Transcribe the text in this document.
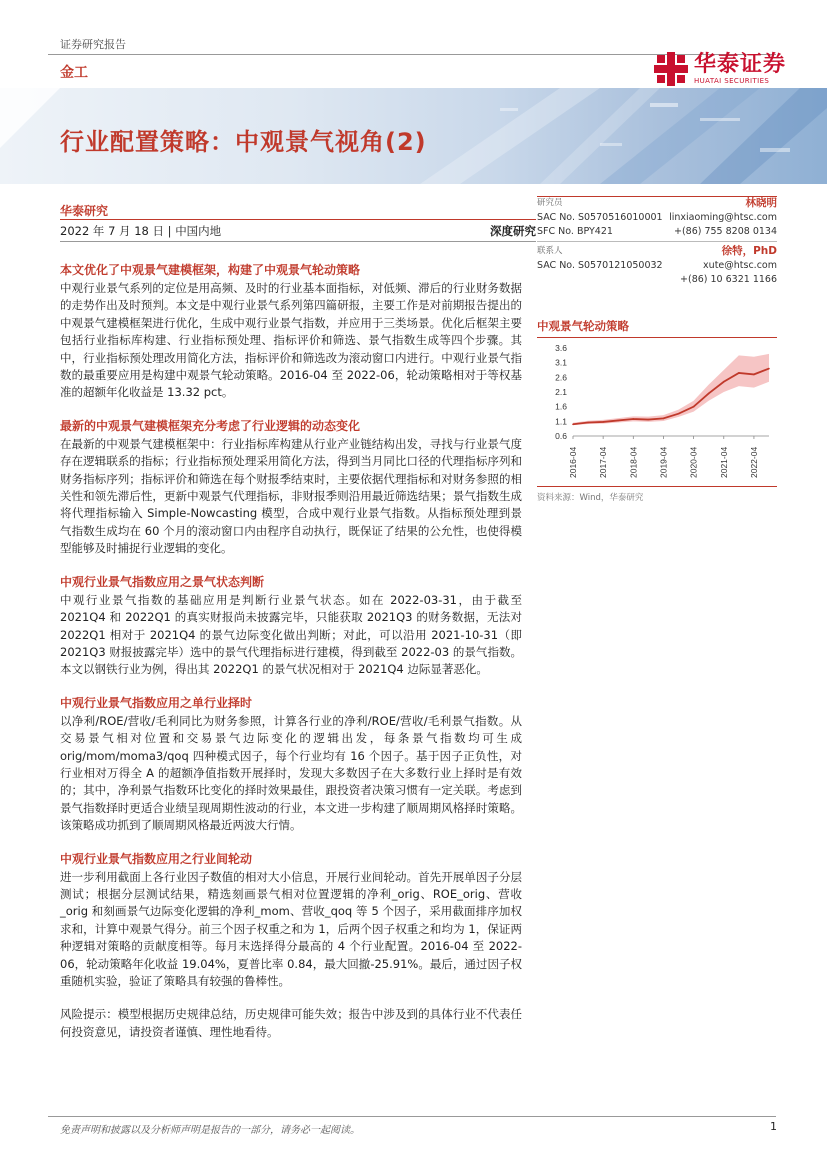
证券研究报告
金工	华泰证券
HUATAI SECURITIES
行业配置策略：中观景气视角(2)
华泰研究
2022 年 7 月 18 日 | 中国内地	深度研究
本文优化了中观景气建模框架，构建了中观景气轮动策略
中观行业景气系列的定位是用高频、及时的行业基本面指标，对低频、滞后的行业财务数据的走势作出及时预判。本文是中观行业景气系列第四篇研报，主要工作是对前期报告提出的中观景气建模框架进行优化，生成中观行业景气指数，并应用于三类场景。优化后框架主要包括行业指标库构建、行业指标预处理、指标评价和筛选、景气指数生成等四个步骤。其中，行业指标预处理改用简化方法，指标评价和筛选改为滚动窗口内进行。中观行业景气指数的最重要应用是构建中观景气轮动策略。2016-04 至 2022-06，轮动策略相对于等权基准的超额年化收益是 13.32 pct。
最新的中观景气建模框架充分考虑了行业逻辑的动态变化
在最新的中观景气建模框架中：行业指标库构建从行业产业链结构出发，寻找与行业景气度存在逻辑联系的指标；行业指标预处理采用简化方法，得到当月同比口径的代理指标序列和财务指标序列；指标评价和筛选在每个财报季结束时，主要依据代理指标和对财务参照的相关性和领先滞后性，更新中观景气代理指标，非财报季则沿用最近筛选结果；景气指数生成将代理指标输入 Simple-Nowcasting 模型，合成中观行业景气指数。从指标预处理到景气指数生成均在 60 个月的滚动窗口内由程序自动执行，既保证了结果的公允性，也使得模型能够及时捕捉行业逻辑的变化。
中观行业景气指数应用之景气状态判断
中观行业景气指数的基础应用是判断行业景气状态。如在 2022-03-31，由于截至 2021Q4 和 2022Q1 的真实财报尚未披露完毕，只能获取 2021Q3 的财务数据，无法对 2022Q1 相对于 2021Q4 的景气边际变化做出判断；对此，可以沿用 2021-10-31（即 2021Q3 财报披露完毕）选中的景气代理指标进行建模，得到截至 2022-03 的景气指数。本文以钢铁行业为例，得出其 2022Q1 的景气状况相对于 2021Q4 边际显著恶化。
中观行业景气指数应用之单行业择时
以净利/ROE/营收/毛利同比为财务参照，计算各行业的净利/ROE/营收/毛利景气指数。从交易景气相对位置和交易景气边际变化的逻辑出发，每条景气指数均可生成 orig/mom/moma3/qoq 四种模式因子，每个行业均有 16 个因子。基于因子正负性，对行业相对万得全 A 的超额净值指数开展择时，发现大多数因子在大多数行业上择时是有效的；其中，净利景气指数环比变化的择时效果最佳，跟投资者决策习惯有一定关联。考虑到景气指数择时更适合业绩呈现周期性波动的行业，本文进一步构建了顺周期风格择时策略。该策略成功抓到了顺周期风格最近两波大行情。
中观行业景气指数应用之行业间轮动
进一步利用截面上各行业因子数值的相对大小信息，开展行业间轮动。首先开展单因子分层测试；根据分层测试结果，精选刻画景气相对位置逻辑的净利_orig、ROE_orig、营收_orig 和刻画景气边际变化逻辑的净利_mom、营收_qoq 等 5 个因子，采用截面排序加权求和，计算中观景气得分。前三个因子权重之和为 1，后两个因子权重之和均为 1，保证两种逻辑对策略的贡献度相等。每月末选择得分最高的 4 个行业配置。2016-04 至 2022-06，轮动策略年化收益 19.04%，夏普比率 0.84，最大回撤-25.91%。最后，通过因子权重随机实验，验证了策略具有较强的鲁棒性。
风险提示：模型根据历史规律总结，历史规律可能失效；报告中涉及到的具体行业不代表任何投资意见，请投资者谨慎、理性地看待。
研究员	林晓明
SAC No. S0570516010001 linxiaoming@htsc.com
SFC No. BPY421	+(86) 755 8208 0134
联系人	徐特，PhD
SAC No. S0570121050032	xute@htsc.com
+(86) 10 6321 1166
中观景气轮动策略
0.6
1.1
1.6
2.1
2.6
3.1
3.6
2016-04 2017-04 2018-04 2019-04 2020-04 2021-04 2022-04
资料来源：Wind，华泰研究
免责声明和披露以及分析师声明是报告的一部分，请务必一起阅读。	1
